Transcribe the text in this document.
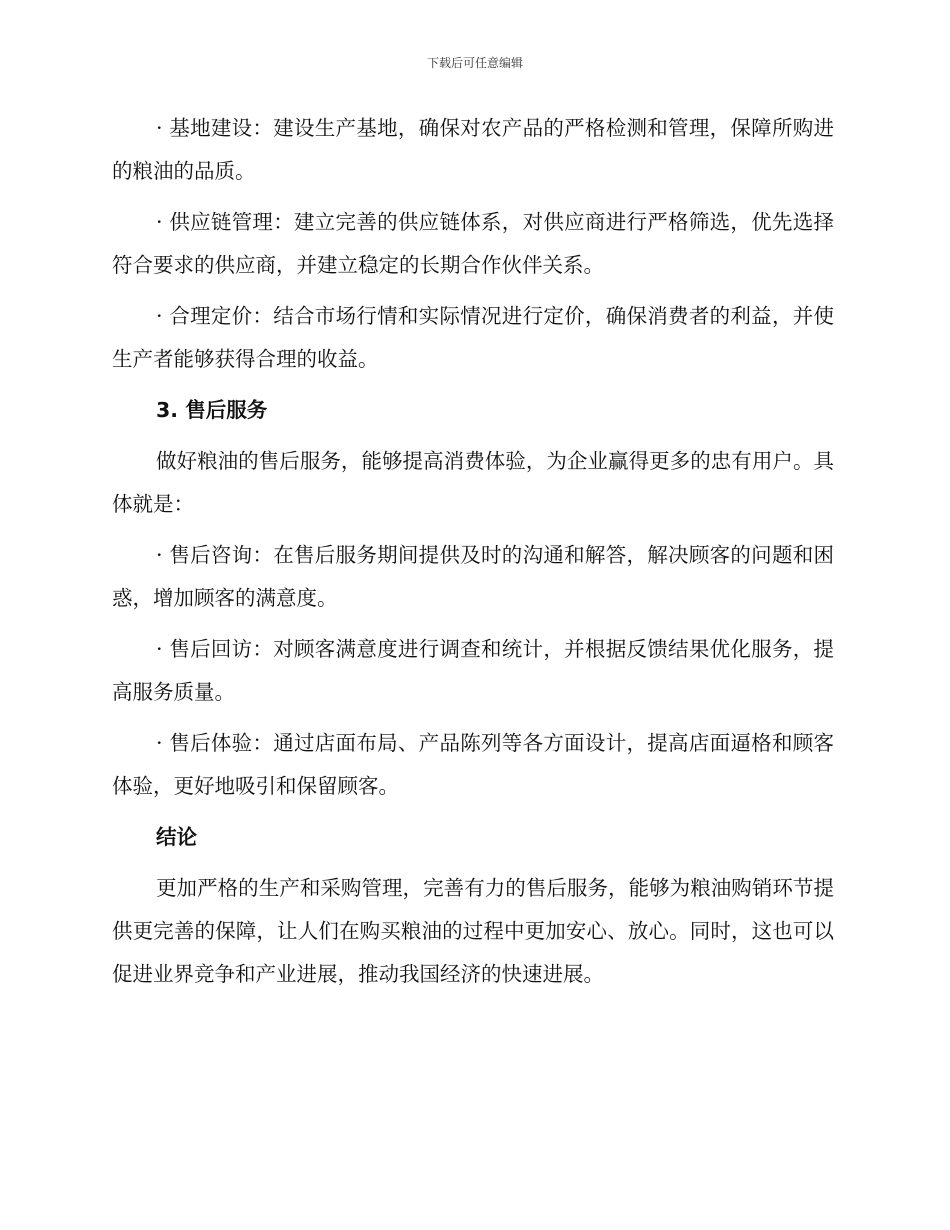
下载后可任意编辑

· 基地建设：建设生产基地，确保对农产品的严格检测和管理，保障所购进的粮油的品质。

· 供应链管理：建立完善的供应链体系，对供应商进行严格筛选，优先选择符合要求的供应商，并建立稳定的长期合作伙伴关系。

· 合理定价：结合市场行情和实际情况进行定价，确保消费者的利益，并使生产者能够获得合理的收益。

3. 售后服务

做好粮油的售后服务，能够提高消费体验，为企业赢得更多的忠有用户。具体就是：

· 售后咨询：在售后服务期间提供及时的沟通和解答，解决顾客的问题和困惑，增加顾客的满意度。

· 售后回访：对顾客满意度进行调查和统计，并根据反馈结果优化服务，提高服务质量。

· 售后体验：通过店面布局、产品陈列等各方面设计，提高店面逼格和顾客体验，更好地吸引和保留顾客。

结论

更加严格的生产和采购管理，完善有力的售后服务，能够为粮油购销环节提供更完善的保障，让人们在购买粮油的过程中更加安心、放心。同时，这也可以促进业界竞争和产业进展，推动我国经济的快速进展。
